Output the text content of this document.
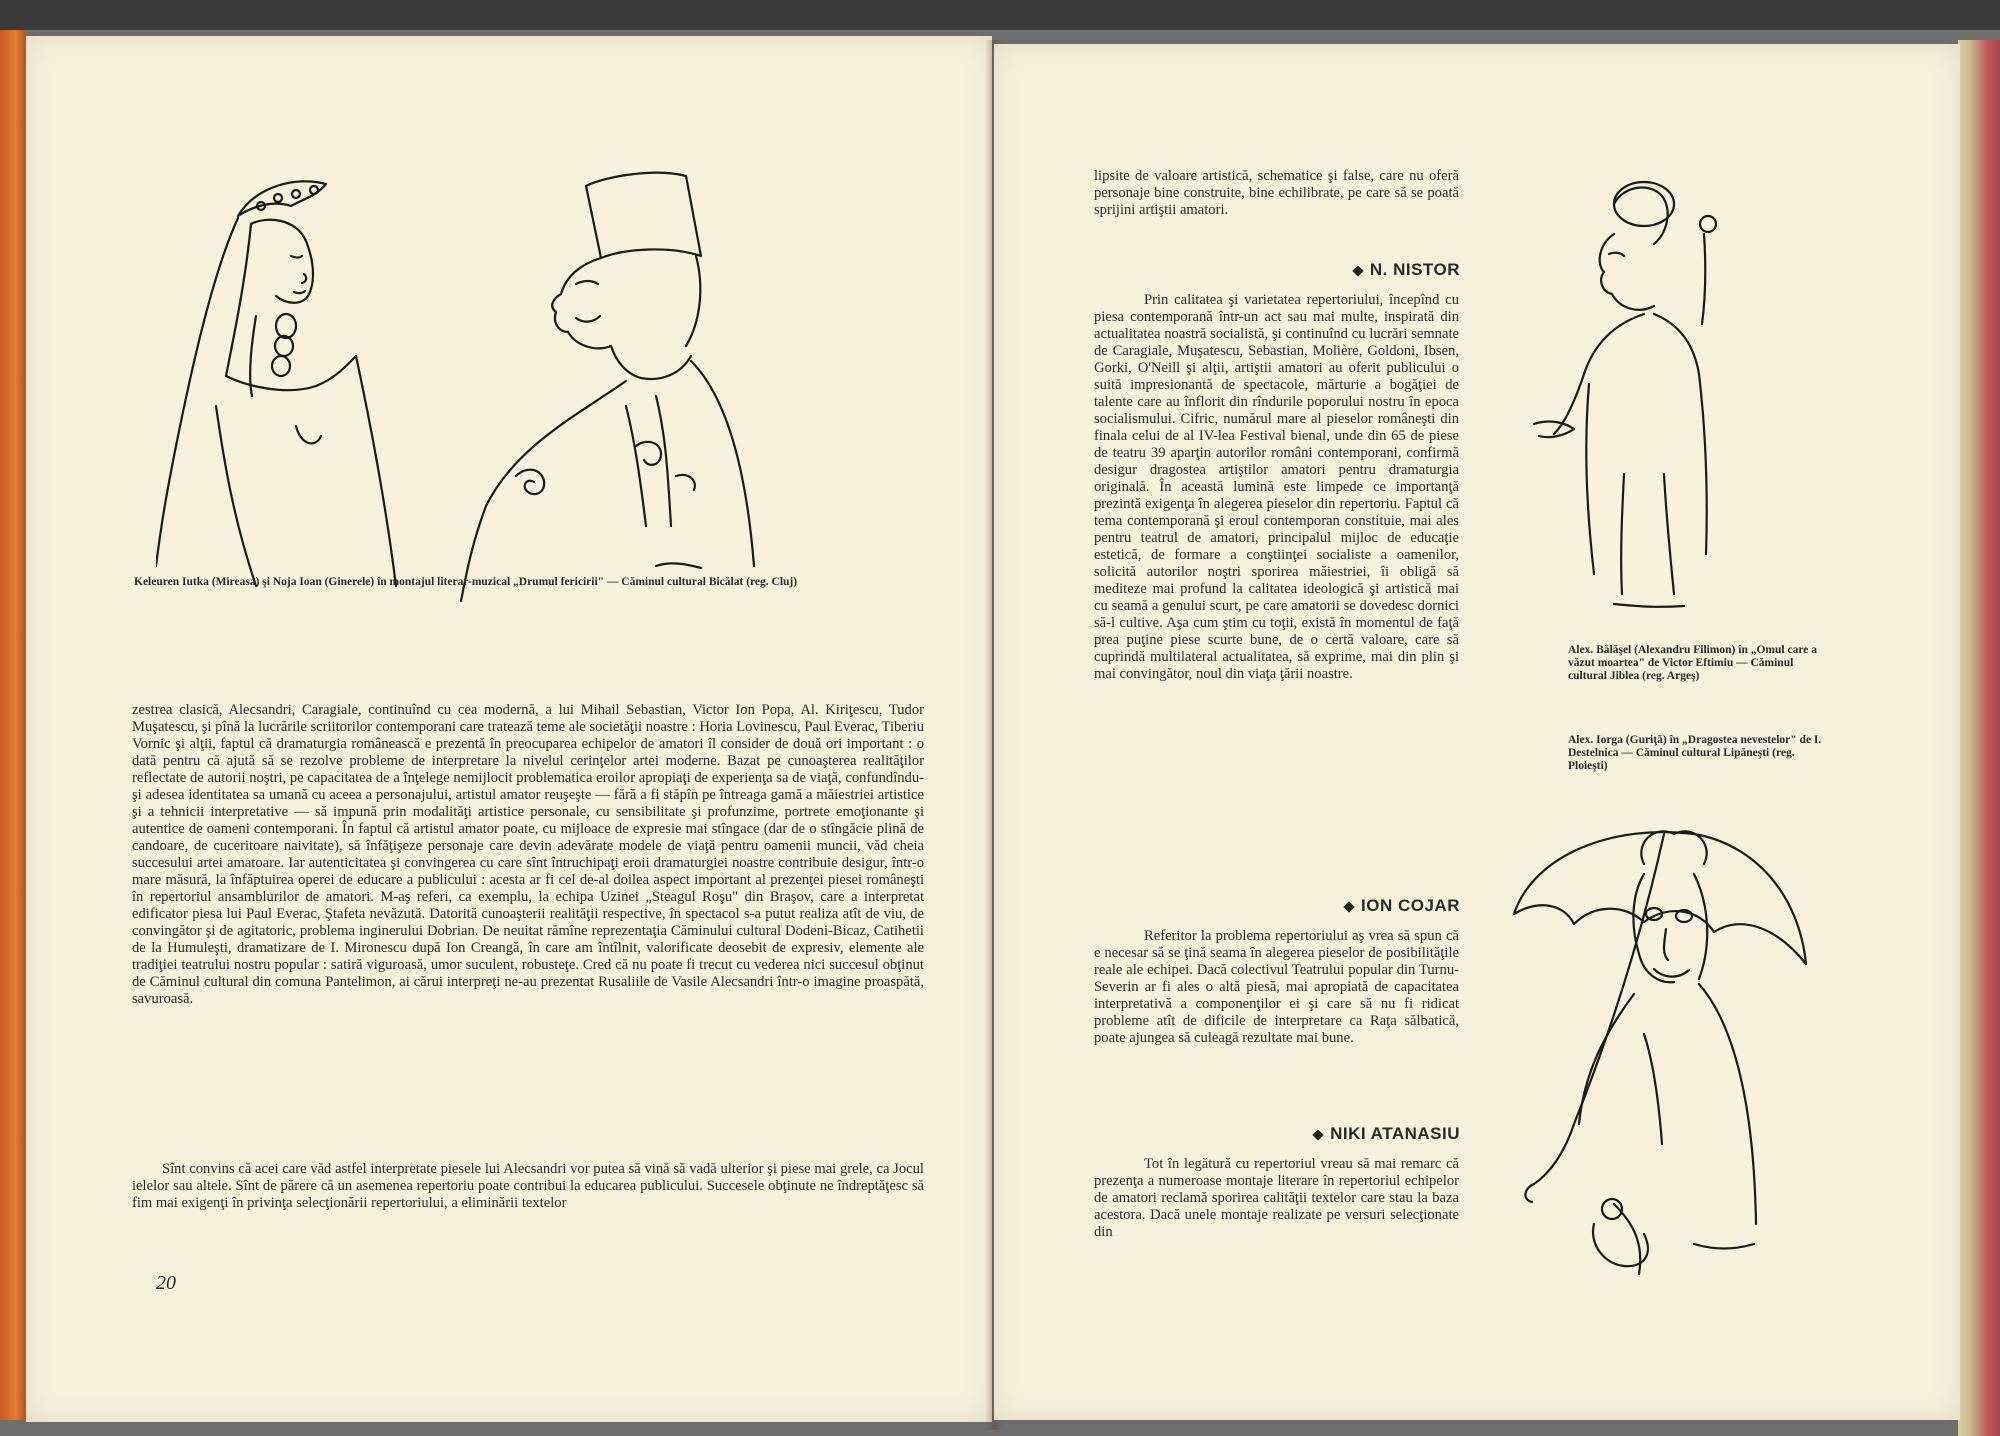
Keleuren Iutka (Mireasa) şi Noja Ioan (Ginerele) în montajul literar-muzical „Drumul fericirii" — Căminul cultural Bicălat (reg. Cluj)
zestrea clasică, Alecsandri, Caragiale, continuînd cu cea modernă, a lui Mihail Sebastian, Victor Ion Popa, Al. Kiriţescu, Tudor Muşatescu, şi pînă la lucrările scriitorilor contemporani care tratează teme ale societăţii noastre : Horia Lovinescu, Paul Everac, Tiberiu Vornic şi alţii, faptul că dramaturgia românească e prezentă în preocuparea echipelor de amatori îl consider de două ori important : o dată pentru că ajută să se rezolve probleme de interpretare la nivelul cerinţelor artei moderne. Bazat pe cunoaşterea realităţilor reflectate de autorii noştri, pe capacitatea de a înţelege nemijlocit problematica eroilor apropiaţi de experienţa sa de viaţă, confundîndu-şi adesea identitatea sa umană cu aceea a personajului, artistul amator reuşeşte — fără a fi stăpîn pe întreaga gamă a măiestriei artistice şi a tehnicii interpretative — să impună prin modalităţi artistice personale, cu sensibilitate şi profunzime, portrete emoţionante şi autentice de oameni contemporani. În faptul că artistul amator poate, cu mijloace de expresie mai stîngace (dar de o stîngăcie plină de candoare, de cuceritoare naivitate), să înfăţişeze personaje care devin adevărate modele de viaţă pentru oamenii muncii, văd cheia succesului artei amatoare. Iar autenticitatea şi convingerea cu care sînt întruchipaţi eroii dramaturgiei noastre contribuie desigur, într-o mare măsură, la înfăptuirea operei de educare a publicului : acesta ar fi cel de-al doilea aspect important al prezenţei piesei româneşti în repertoriul ansamblurilor de amatori. M-aş referi, ca exemplu, la echipa Uzinei „Steagul Roşu" din Braşov, care a interpretat edificator piesa lui Paul Everac, Ştafeta nevăzută. Datorită cunoaşterii realităţii respective, în spectacol s-a putut realiza atît de viu, de convingător şi de agitatoric, problema inginerului Dobrian. De neuitat rămîne reprezentaţia Căminului cultural Dodeni-Bicaz, Catihetii de la Humuleşti, dramatizare de I. Mironescu după Ion Creangă, în care am întîlnit, valorificate deosebit de expresiv, elemente ale tradiţiei teatrului nostru popular : satiră viguroasă, umor suculent, robusteţe. Cred că nu poate fi trecut cu vederea nici succesul obţinut de Căminul cultural din comuna Pantelimon, ai cărui interpreţi ne-au prezentat Rusaliile de Vasile Alecsandri într-o imagine proaspătă, savuroasă.
Sînt convins că acei care văd astfel interpretate piesele lui Alecsandri vor putea să vină să vadă ulterior şi piese mai grele, ca Jocul ielelor sau altele. Sînt de părere că un asemenea repertoriu poate contribui la educarea publicului. Succesele obţinute ne îndreptăţesc să fim mai exigenţi în privinţa selecţionării repertoriului, a eliminării textelor
20
lipsite de valoare artistică, schematice şi false, care nu oferă personaje bine construite, bine echilibrate, pe care să se poată sprijini artiştii amatori.
N. NISTOR
Prin calitatea şi varietatea repertoriului, începînd cu piesa contemporană într-un act sau mai multe, inspirată din actualitatea noastră socialistă, şi continuînd cu lucrări semnate de Caragiale, Muşatescu, Sebastian, Molière, Goldoni, Ibsen, Gorki, O'Neill şi alţii, artiştii amatori au oferit publicului o suită impresionantă de spectacole, mărturie a bogăţiei de talente care au înflorit din rîndurile poporului nostru în epoca socialismului. Cifric, numărul mare al pieselor româneşti din finala celui de al IV-lea Festival bienal, unde din 65 de piese de teatru 39 aparţin autorilor români contemporani, confirmă desigur dragostea artiştilor amatori pentru dramaturgia originală. În această lumină este limpede ce importanţă prezintă exigenţa în alegerea pieselor din repertoriu. Faptul că tema contemporană şi eroul contemporan constituie, mai ales pentru teatrul de amatori, principalul mijloc de educaţie estetică, de formare a conştiinţei socialiste a oamenilor, solicită autorilor noştri sporirea măiestriei, îi obligă să mediteze mai profund la calitatea ideologică şi artistică mai cu seamă a genului scurt, pe care amatorii se dovedesc dornici să-l cultive. Aşa cum ştim cu toţii, există în momentul de faţă prea puţine piese scurte bune, de o certă valoare, care să cuprindă multilateral actualitatea, să exprime, mai din plin şi mai convingător, noul din viaţa ţării noastre.
ION COJAR
Referitor la problema repertoriului aş vrea să spun că e necesar să se ţină seama în alegerea pieselor de posibilităţile reale ale echipei. Dacă colectivul Teatrului popular din Turnu-Severin ar fi ales o altă piesă, mai apropiată de capacitatea interpretativă a componenţilor ei şi care să nu fi ridicat probleme atît de dificile de interpretare ca Raţa sălbatică, poate ajungea să culeagă rezultate mai bune.
NIKI ATANASIU
Tot în legătură cu repertoriul vreau să mai remarc că prezenţa a numeroase montaje literare în repertoriul echipelor de amatori reclamă sporirea calităţii textelor care stau la baza acestora. Dacă unele montaje realizate pe versuri selecţionate din
Alex. Bălăşel (Alexandru Filimon) în „Omul care a văzut moartea" de Victor Eftimiu — Căminul cultural Jibleа (reg. Argeş)
Alex. Iorga (Guriţă) în „Dragostea nevestelor" de I. Destelnica — Căminul cultural Lipăneşti (reg. Ploieşti)
